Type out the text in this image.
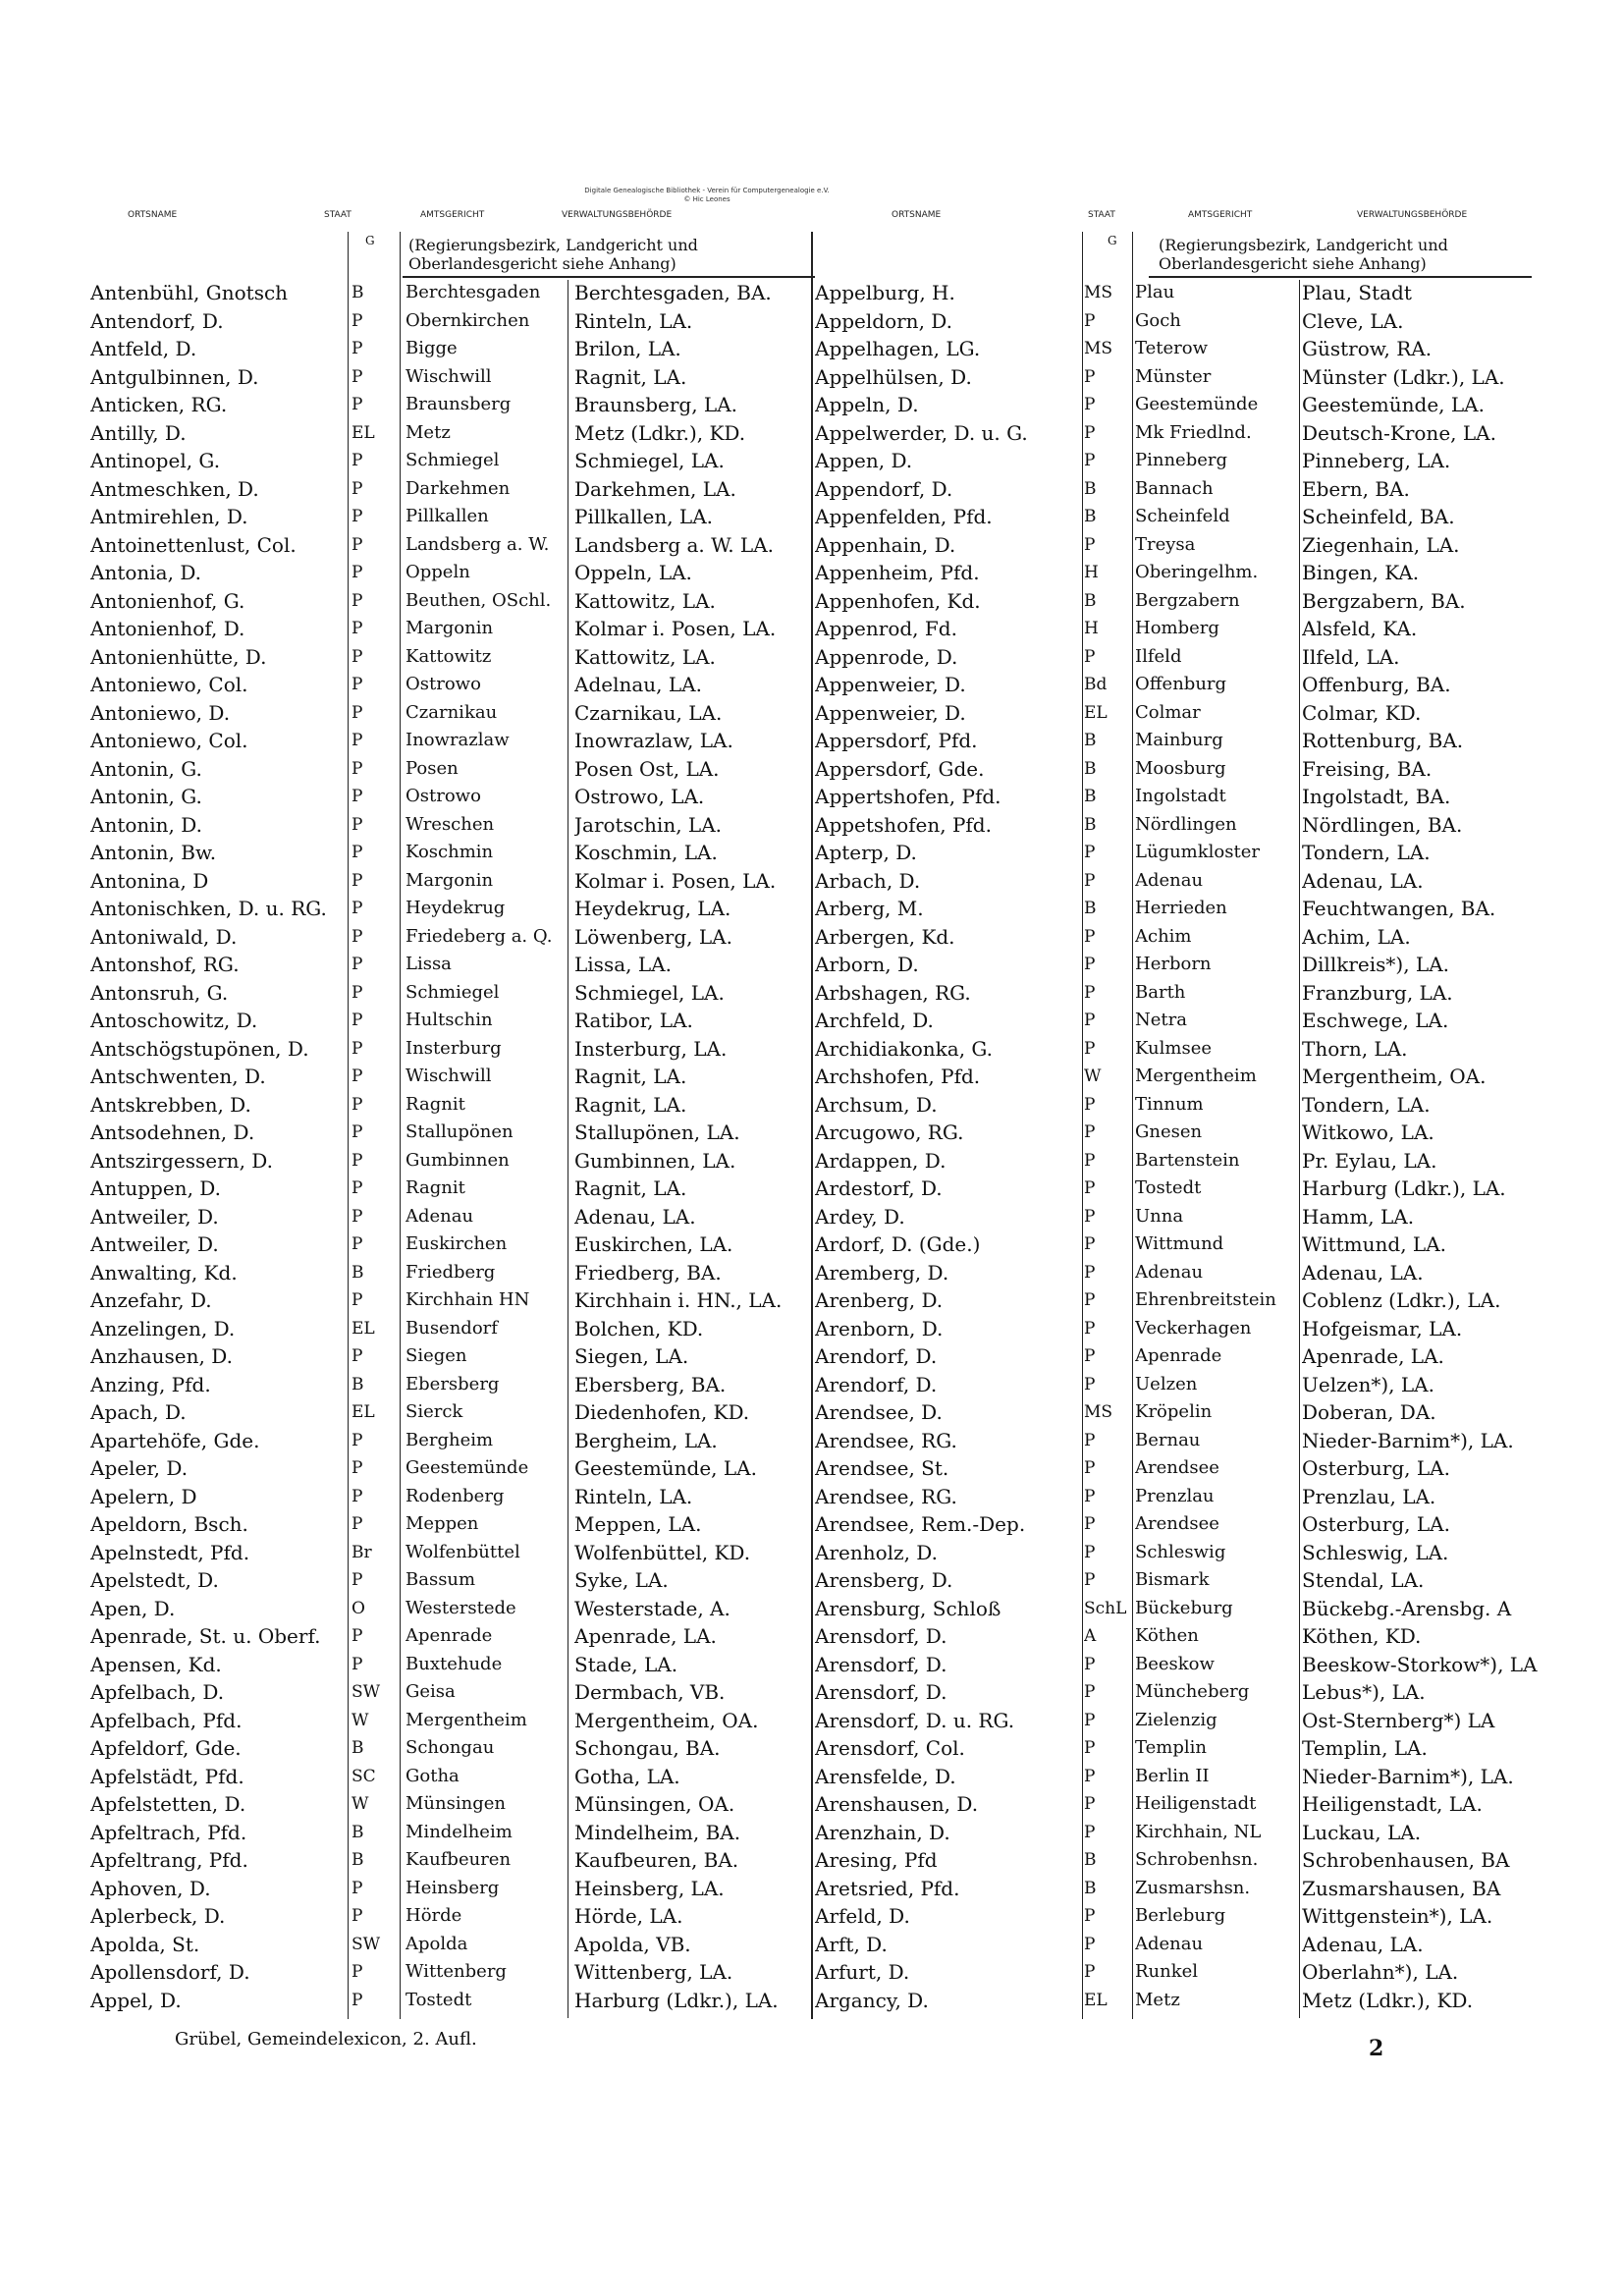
Digitale Genealogische Bibliothek - Verein für Computergenealogie e.V.
© Hic Leones
ORTSNAME	STAAT	AMTSGERICHT	VERWALTUNGSBEHÖRDE	ORTSNAME	STAAT	AMTSGERICHT	VERWALTUNGSBEHÖRDE
G (Regierungsbezirk, Landgericht und
Oberlandesgericht siehe Anhang)
G	(Regierungsbezirk, Landgericht und
Oberlandesgericht siehe Anhang)
Antenbühl, Gnotsch	B	Berchtesgaden	Berchtesgaden, BA.
Antendorf, D.	P	Obernkirchen	Rinteln, LA.
Antfeld, D.	P	Bigge	Brilon, LA.
Antgulbinnen, D.	P	Wischwill	Ragnit, LA.
Anticken, RG.	P	Braunsberg	Braunsberg, LA.
Antilly, D.	EL	Metz	Metz (Ldkr.), KD.
Antinopel, G.	P	Schmiegel	Schmiegel, LA.
Antmeschken, D.	P	Darkehmen	Darkehmen, LA.
Antmirehlen, D.	P	Pillkallen	Pillkallen, LA.
Antoinettenlust, Col.	P	Landsberg a. W.	Landsberg a. W. LA.
Antonia, D.	P	Oppeln	Oppeln, LA.
Antonienhof, G.	P	Beuthen, OSchl.	Kattowitz, LA.
Antonienhof, D.	P	Margonin	Kolmar i. Posen, LA.
Antonienhütte, D.	P	Kattowitz	Kattowitz, LA.
Antoniewo, Col.	P	Ostrowo	Adelnau, LA.
Antoniewo, D.	P	Czarnikau	Czarnikau, LA.
Antoniewo, Col.	P	Inowrazlaw	Inowrazlaw, LA.
Antonin, G.	P	Posen	Posen Ost, LA.
Antonin, G.	P	Ostrowo	Ostrowo, LA.
Antonin, D.	P	Wreschen	Jarotschin, LA.
Antonin, Bw.	P	Koschmin	Koschmin, LA.
Antonina, D	P	Margonin	Kolmar i. Posen, LA.
Antonischken, D. u. RG.	P	Heydekrug	Heydekrug, LA.
Antoniwald, D.	P	Friedeberg a. Q.	Löwenberg, LA.
Antonshof, RG.	P	Lissa	Lissa, LA.
Antonsruh, G.	P	Schmiegel	Schmiegel, LA.
Antoschowitz, D.	P	Hultschin	Ratibor, LA.
Antschögstupönen, D.	P	Insterburg	Insterburg, LA.
Antschwenten, D.	P	Wischwill	Ragnit, LA.
Antskrebben, D.	P	Ragnit	Ragnit, LA.
Antsodehnen, D.	P	Stallupönen	Stallupönen, LA.
Antszirgessern, D.	P	Gumbinnen	Gumbinnen, LA.
Antuppen, D.	P	Ragnit	Ragnit, LA.
Antweiler, D.	P	Adenau	Adenau, LA.
Antweiler, D.	P	Euskirchen	Euskirchen, LA.
Anwalting, Kd.	B	Friedberg	Friedberg, BA.
Anzefahr, D.	P	Kirchhain HN	Kirchhain i. HN., LA.
Anzelingen, D.	EL	Busendorf	Bolchen, KD.
Anzhausen, D.	P	Siegen	Siegen, LA.
Anzing, Pfd.	B	Ebersberg	Ebersberg, BA.
Apach, D.	EL	Sierck	Diedenhofen, KD.
Apartehöfe, Gde.	P	Bergheim	Bergheim, LA.
Apeler, D.	P	Geestemünde	Geestemünde, LA.
Apelern, D	P	Rodenberg	Rinteln, LA.
Apeldorn, Bsch.	P	Meppen	Meppen, LA.
Apelnstedt, Pfd.	Br	Wolfenbüttel	Wolfenbüttel, KD.
Apelstedt, D.	P	Bassum	Syke, LA.
Apen, D.	O	Westerstede	Westerstade, A.
Apenrade, St. u. Oberf.	P	Apenrade	Apenrade, LA.
Apensen, Kd.	P	Buxtehude	Stade, LA.
Apfelbach, D.	SW	Geisa	Dermbach, VB.
Apfelbach, Pfd.	W	Mergentheim	Mergentheim, OA.
Apfeldorf, Gde.	B	Schongau	Schongau, BA.
Apfelstädt, Pfd.	SC	Gotha	Gotha, LA.
Apfelstetten, D.	W	Münsingen	Münsingen, OA.
Apfeltrach, Pfd.	B	Mindelheim	Mindelheim, BA.
Apfeltrang, Pfd.	B	Kaufbeuren	Kaufbeuren, BA.
Aphoven, D.	P	Heinsberg	Heinsberg, LA.
Aplerbeck, D.	P	Hörde	Hörde, LA.
Apolda, St.	SW	Apolda	Apolda, VB.
Apollensdorf, D.	P	Wittenberg	Wittenberg, LA.
Appel, D.	P	Tostedt	Harburg (Ldkr.), LA.
Appelburg, H.	MS	Plau	Plau, Stadt
Appeldorn, D.	P	Goch	Cleve, LA.
Appelhagen, LG.	MS	Teterow	Güstrow, RA.
Appelhülsen, D.	P	Münster	Münster (Ldkr.), LA.
Appeln, D.	P	Geestemünde	Geestemünde, LA.
Appelwerder, D. u. G.	P	Mk Friedlnd.	Deutsch-Krone, LA.
Appen, D.	P	Pinneberg	Pinneberg, LA.
Appendorf, D.	B	Bannach	Ebern, BA.
Appenfelden, Pfd.	B	Scheinfeld	Scheinfeld, BA.
Appenhain, D.	P	Treysa	Ziegenhain, LA.
Appenheim, Pfd.	H	Oberingelhm.	Bingen, KA.
Appenhofen, Kd.	B	Bergzabern	Bergzabern, BA.
Appenrod, Fd.	H	Homberg	Alsfeld, KA.
Appenrode, D.	P	Ilfeld	Ilfeld, LA.
Appenweier, D.	Bd	Offenburg	Offenburg, BA.
Appenweier, D.	EL	Colmar	Colmar, KD.
Appersdorf, Pfd.	B	Mainburg	Rottenburg, BA.
Appersdorf, Gde.	B	Moosburg	Freising, BA.
Appertshofen, Pfd.	B	Ingolstadt	Ingolstadt, BA.
Appetshofen, Pfd.	B	Nördlingen	Nördlingen, BA.
Apterp, D.	P	Lügumkloster	Tondern, LA.
Arbach, D.	P	Adenau	Adenau, LA.
Arberg, M.	B	Herrieden	Feuchtwangen, BA.
Arbergen, Kd.	P	Achim	Achim, LA.
Arborn, D.	P	Herborn	Dillkreis*), LA.
Arbshagen, RG.	P	Barth	Franzburg, LA.
Archfeld, D.	P	Netra	Eschwege, LA.
Archidiakonka, G.	P	Kulmsee	Thorn, LA.
Archshofen, Pfd.	W	Mergentheim	Mergentheim, OA.
Archsum, D.	P	Tinnum	Tondern, LA.
Arcugowo, RG.	P	Gnesen	Witkowo, LA.
Ardappen, D.	P	Bartenstein	Pr. Eylau, LA.
Ardestorf, D.	P	Tostedt	Harburg (Ldkr.), LA.
Ardey, D.	P	Unna	Hamm, LA.
Ardorf, D. (Gde.)	P	Wittmund	Wittmund, LA.
Aremberg, D.	P	Adenau	Adenau, LA.
Arenberg, D.	P	Ehrenbreitstein	Coblenz (Ldkr.), LA.
Arenborn, D.	P	Veckerhagen	Hofgeismar, LA.
Arendorf, D.	P	Apenrade	Apenrade, LA.
Arendorf, D.	P	Uelzen	Uelzen*), LA.
Arendsee, D.	MS	Kröpelin	Doberan, DA.
Arendsee, RG.	P	Bernau	Nieder-Barnim*), LA.
Arendsee, St.	P	Arendsee	Osterburg, LA.
Arendsee, RG.	P	Prenzlau	Prenzlau, LA.
Arendsee, Rem.-Dep.	P	Arendsee	Osterburg, LA.
Arenholz, D.	P	Schleswig	Schleswig, LA.
Arensberg, D.	P	Bismark	Stendal, LA.
Arensburg, Schloß	SchL Bückeburg	Bückebg.-Arensbg. A
Arensdorf, D.	A	Köthen	Köthen, KD.
Arensdorf, D.	P	Beeskow	Beeskow-Storkow*), LA
Arensdorf, D.	P	Müncheberg	Lebus*), LA.
Arensdorf, D. u. RG.	P	Zielenzig	Ost-Sternberg*) LA
Arensdorf, Col.	P	Templin	Templin, LA.
Arensfelde, D.	P	Berlin II	Nieder-Barnim*), LA.
Arenshausen, D.	P	Heiligenstadt	Heiligenstadt, LA.
Arenzhain, D.	P	Kirchhain, NL	Luckau, LA.
Aresing, Pfd	B	Schrobenhsn.	Schrobenhausen, BA
Aretsried, Pfd.	B	Zusmarshsn.	Zusmarshausen, BA
Arfeld, D.	P	Berleburg	Wittgenstein*), LA.
Arft, D.	P	Adenau	Adenau, LA.
Arfurt, D.	P	Runkel	Oberlahn*), LA.
Argancy, D.	EL	Metz	Metz (Ldkr.), KD.
Grübel, Gemeindelexicon, 2. Aufl.	2
